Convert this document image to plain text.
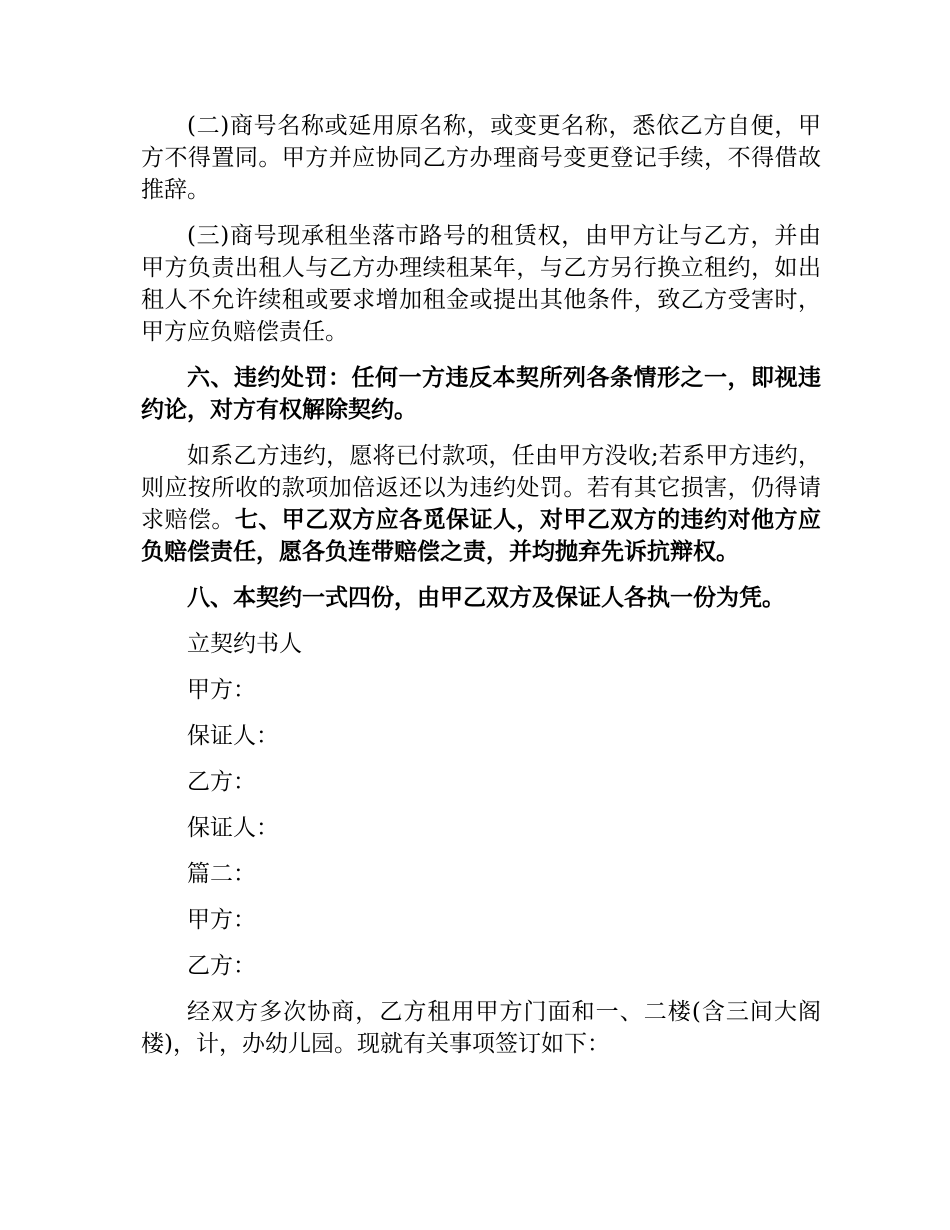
(二)商号名称或延用原名称，或变更名称，悉依乙方自便，甲方不得置同。甲方并应协同乙方办理商号变更登记手续，不得借故推辞。

(三)商号现承租坐落市路号的租赁权，由甲方让与乙方，并由甲方负责出租人与乙方办理续租某年，与乙方另行换立租约，如出租人不允许续租或要求增加租金或提出其他条件，致乙方受害时，甲方应负赔偿责任。

六、违约处罚：任何一方违反本契所列各条情形之一，即视违约论，对方有权解除契约。

如系乙方违约，愿将已付款项，任由甲方没收;若系甲方违约，则应按所收的款项加倍返还以为违约处罚。若有其它损害，仍得请求赔偿。七、甲乙双方应各觅保证人，对甲乙双方的违约对他方应负赔偿责任，愿各负连带赔偿之责，并均抛弃先诉抗辩权。

八、本契约一式四份，由甲乙双方及保证人各执一份为凭。

立契约书人
甲方：
保证人：
乙方：
保证人：
篇二：
甲方：
乙方：

经双方多次协商，乙方租用甲方门面和一、二楼(含三间大阁楼)，计，办幼儿园。现就有关事项签订如下：
